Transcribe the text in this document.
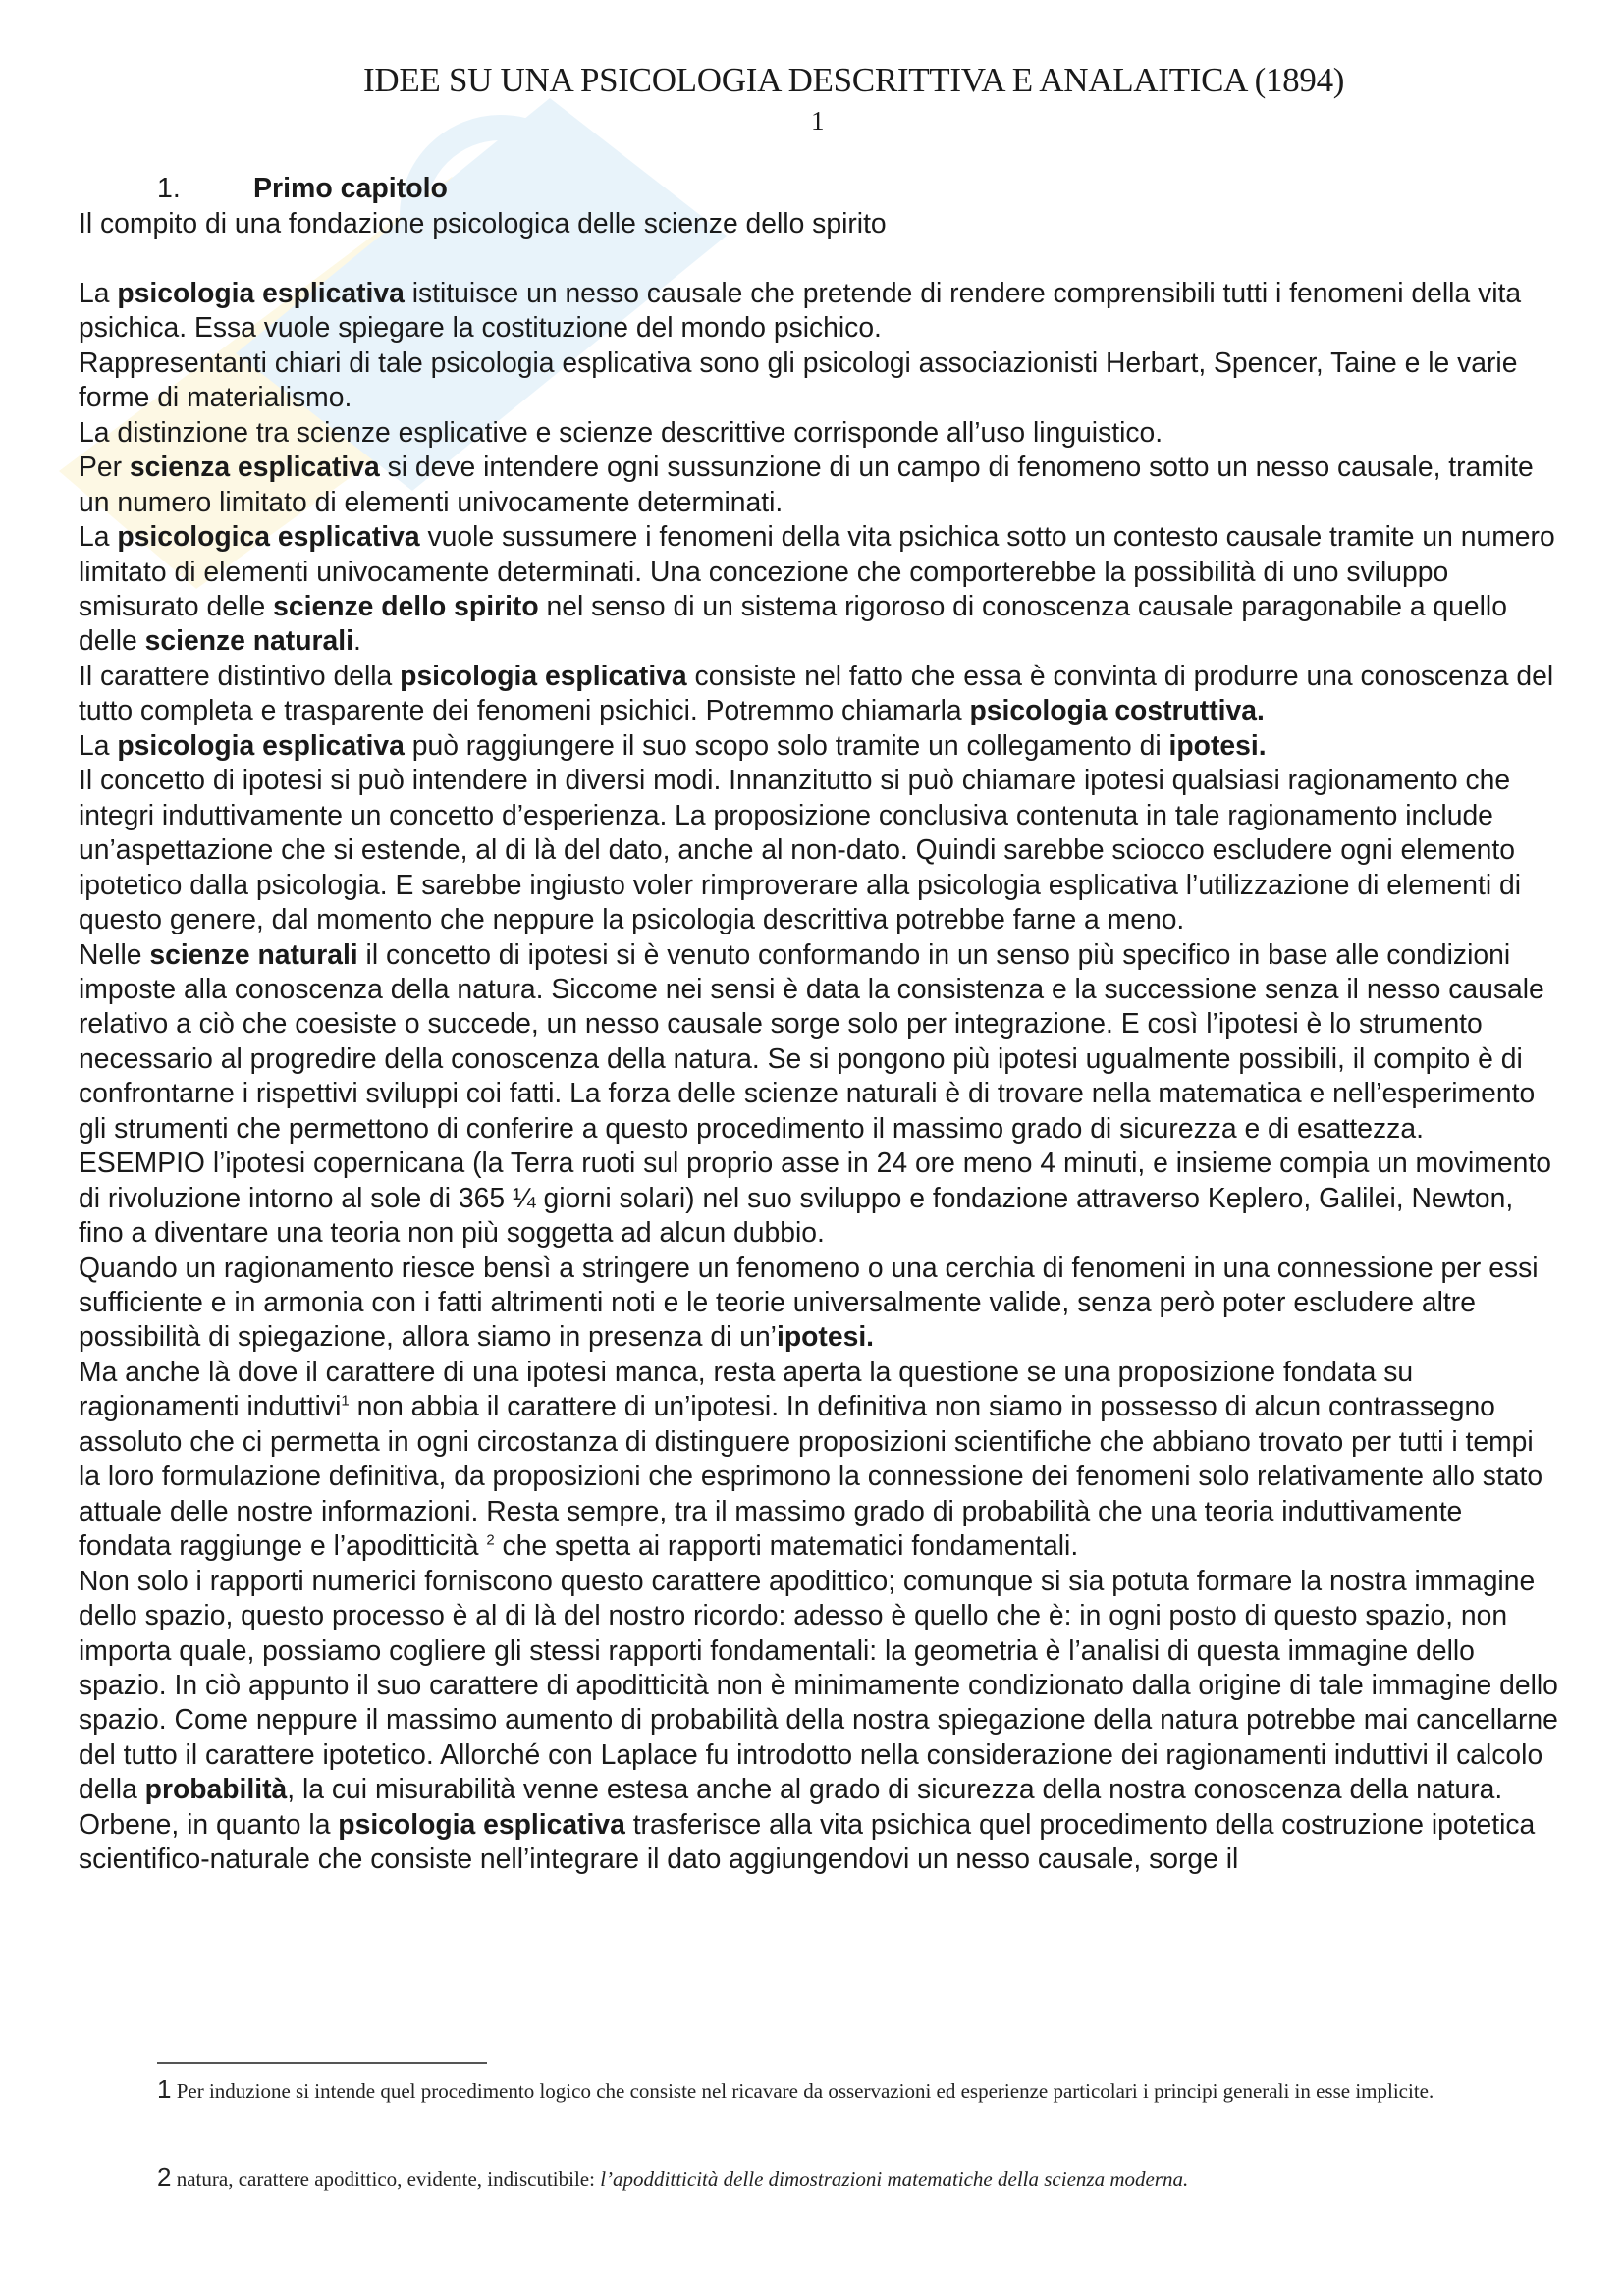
IDEE SU UNA PSICOLOGIA DESCRITTIVA E ANALAITICA (1894)
1
1.	Primo capitolo

Il compito di una fondazione psicologica delle scienze dello spirito

La psicologia esplicativa istituisce un nesso causale che pretende di rendere comprensibili tutti i fenomeni della vita psichica. Essa vuole spiegare la costituzione del mondo psichico.

Rappresentanti chiari di tale psicologia esplicativa sono gli psicologi associazionisti Herbart, Spencer, Taine e le varie forme di materialismo.

La distinzione tra scienze esplicative e scienze descrittive corrisponde all’uso linguistico.

Per scienza esplicativa si deve intendere ogni sussunzione di un campo di fenomeno sotto un nesso causale, tramite un numero limitato di elementi univocamente determinati.

La psicologica esplicativa vuole sussumere i fenomeni della vita psichica sotto un contesto causale tramite un numero limitato di elementi univocamente determinati. Una concezione che comporterebbe la possibilità di uno sviluppo smisurato delle scienze dello spirito nel senso di un sistema rigoroso di conoscenza causale paragonabile a quello delle scienze naturali.

Il carattere distintivo della psicologia esplicativa consiste nel fatto che essa è convinta di produrre una conoscenza del tutto completa e trasparente dei fenomeni psichici. Potremmo chiamarla psicologia costruttiva.

La psicologia esplicativa può raggiungere il suo scopo solo tramite un collegamento di ipotesi.

Il concetto di ipotesi si può intendere in diversi modi. Innanzitutto si può chiamare ipotesi qualsiasi ragionamento che integri induttivamente un concetto d’esperienza. La proposizione conclusiva contenuta in tale ragionamento include un’aspettazione che si estende, al di là del dato, anche al non-dato. Quindi sarebbe sciocco escludere ogni elemento ipotetico dalla psicologia. E sarebbe ingiusto voler rimproverare alla psicologia esplicativa l’utilizzazione di elementi di questo genere, dal momento che neppure la psicologia descrittiva potrebbe farne a meno.

Nelle scienze naturali il concetto di ipotesi si è venuto conformando in un senso più specifico in base alle condizioni imposte alla conoscenza della natura. Siccome nei sensi è data la consistenza e la successione senza il nesso causale relativo a ciò che coesiste o succede, un nesso causale sorge solo per integrazione. E così l’ipotesi è lo strumento necessario al progredire della conoscenza della natura. Se si pongono più ipotesi ugualmente possibili, il compito è di confrontarne i rispettivi sviluppi coi fatti. La forza delle scienze naturali è di trovare nella matematica e nell’esperimento gli strumenti che permettono di conferire a questo procedimento il massimo grado di sicurezza e di esattezza.

ESEMPIO l’ipotesi copernicana (la Terra ruoti sul proprio asse in 24 ore meno 4 minuti, e insieme compia un movimento di rivoluzione intorno al sole di 365 ¼ giorni solari) nel suo sviluppo e fondazione attraverso Keplero, Galilei, Newton, fino a diventare una teoria non più soggetta ad alcun dubbio.

Quando un ragionamento riesce bensì a stringere un fenomeno o una cerchia di fenomeni in una connessione per essi sufficiente e in armonia con i fatti altrimenti noti e le teorie universalmente valide, senza però poter escludere altre possibilità di spiegazione, allora siamo in presenza di un’ipotesi.

Ma anche là dove il carattere di una ipotesi manca, resta aperta la questione se una proposizione fondata su ragionamenti induttivi$^1$ non abbia il carattere di un’ipotesi. In definitiva non siamo in possesso di alcun contrassegno assoluto che ci permetta in ogni circostanza di distinguere proposizioni scientifiche che abbiano trovato per tutti i tempi la loro formulazione definitiva, da proposizioni che esprimono la connessione dei fenomeni solo relativamente allo stato attuale delle nostre informazioni. Resta sempre, tra il massimo grado di probabilità che una teoria induttivamente fondata raggiunge e l’apoditticità $^2$ che spetta ai rapporti matematici fondamentali.

Non solo i rapporti numerici forniscono questo carattere apodittico; comunque si sia potuta formare la nostra immagine dello spazio, questo processo è al di là del nostro ricordo: adesso è quello che è: in ogni posto di questo spazio, non importa quale, possiamo cogliere gli stessi rapporti fondamentali: la geometria è l’analisi di questa immagine dello spazio. In ciò appunto il suo carattere di apoditticità non è minimamente condizionato dalla origine di tale immagine dello spazio. Come neppure il massimo aumento di probabilità della nostra spiegazione della natura potrebbe mai cancellarne del tutto il carattere ipotetico. Allorché con Laplace fu introdotto nella considerazione dei ragionamenti induttivi il calcolo della probabilità, la cui misurabilità venne estesa anche al grado di sicurezza della nostra conoscenza della natura.

Orbene, in quanto la psicologia esplicativa trasferisce alla vita psichica quel procedimento della costruzione ipotetica scientifico-naturale che consiste nell’integrare il dato aggiungendovi un nesso causale, sorge il

1 Per induzione si intende quel procedimento logico che consiste nel ricavare da osservazioni ed esperienze particolari i principi generali in esse implicite.
2 natura, carattere apodittico, evidente, indiscutibile: l’apodditticità delle dimostrazioni matematiche della scienza moderna.
